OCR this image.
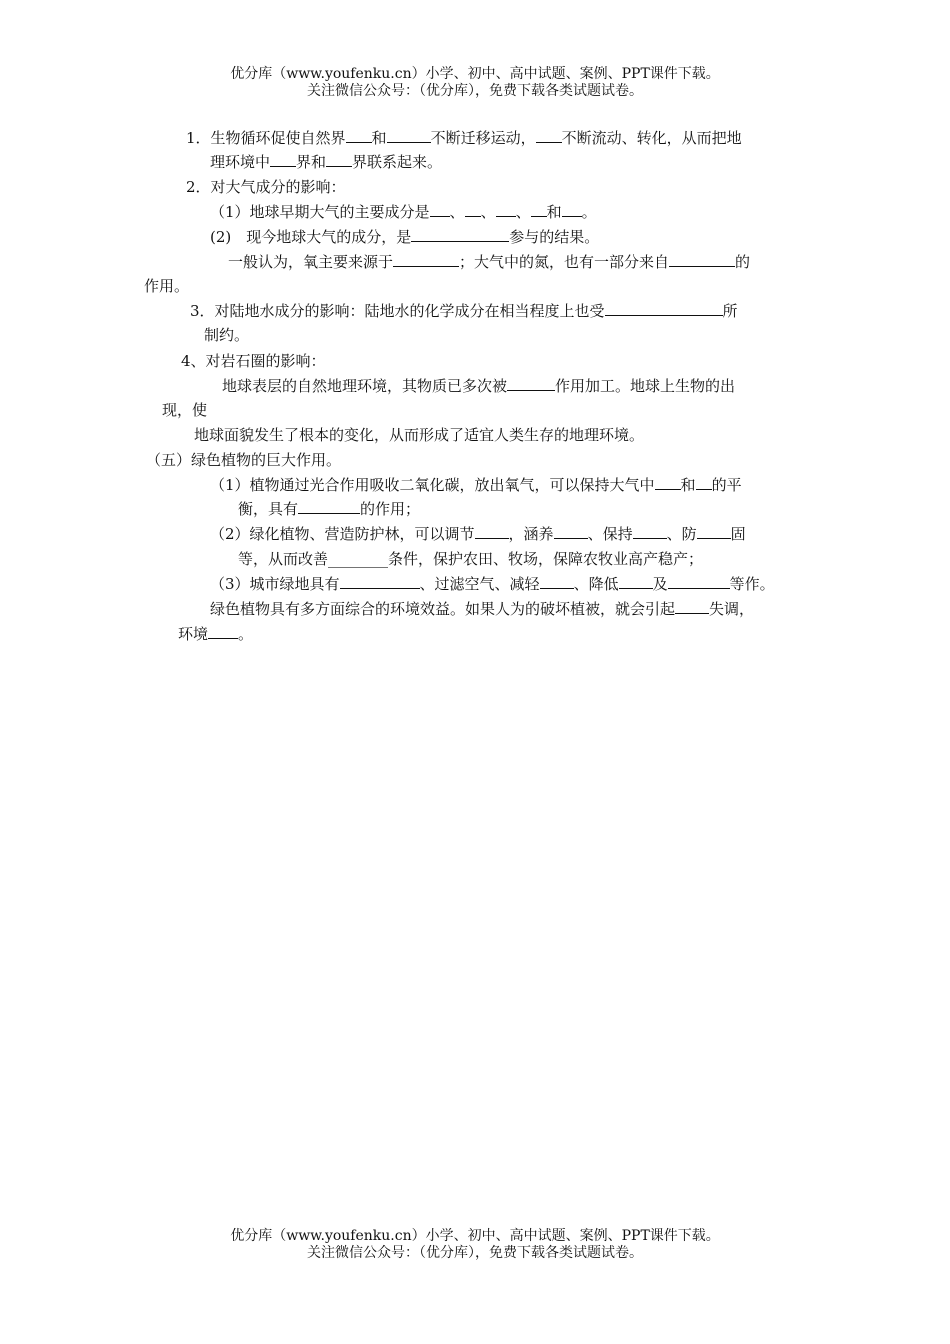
优分库（www.youfenku.cn）小学、初中、高中试题、案例、PPT课件下载。
关注微信公众号：（优分库），免费下载各类试题试卷。
1．生物循环促使自然界 和	不断迁移运动， 不断流动、转化，从而把地
理环境中 界和 界联系起来。
2．对大气成分的影响：
（1）地球早期大气的主要成分是 、 、 、 和 。
(2)　现今地球大气的成分，是	参与的结果。
一般认为，氧主要来源于	；大气中的氮，也有一部分来自	的
作用。
3．对陆地水成分的影响：陆地水的化学成分在相当程度上也受	所
制约。
4、对岩石圈的影响：
地球表层的自然地理环境，其物质已多次被	作用加工。地球上生物的出
现，使
地球面貌发生了根本的变化，从而形成了适宜人类生存的地理环境。
（五）绿色植物的巨大作用。
（1）植物通过光合作用吸收二氧化碳，放出氧气，可以保持大气中 和 的平
衡，具有	的作用；
（2）绿化植物、营造防护林，可以调节 ，涵养 、保持 、防 固
等，从而改善________条件，保护农田、牧场，保障农牧业高产稳产；
（3）城市绿地具有	、过滤空气、减轻 、降低 及	等作。
绿色植物具有多方面综合的环境效益。如果人为的破坏植被，就会引起 失调，
环境 。
优分库（www.youfenku.cn）小学、初中、高中试题、案例、PPT课件下载。
关注微信公众号：（优分库），免费下载各类试题试卷。
